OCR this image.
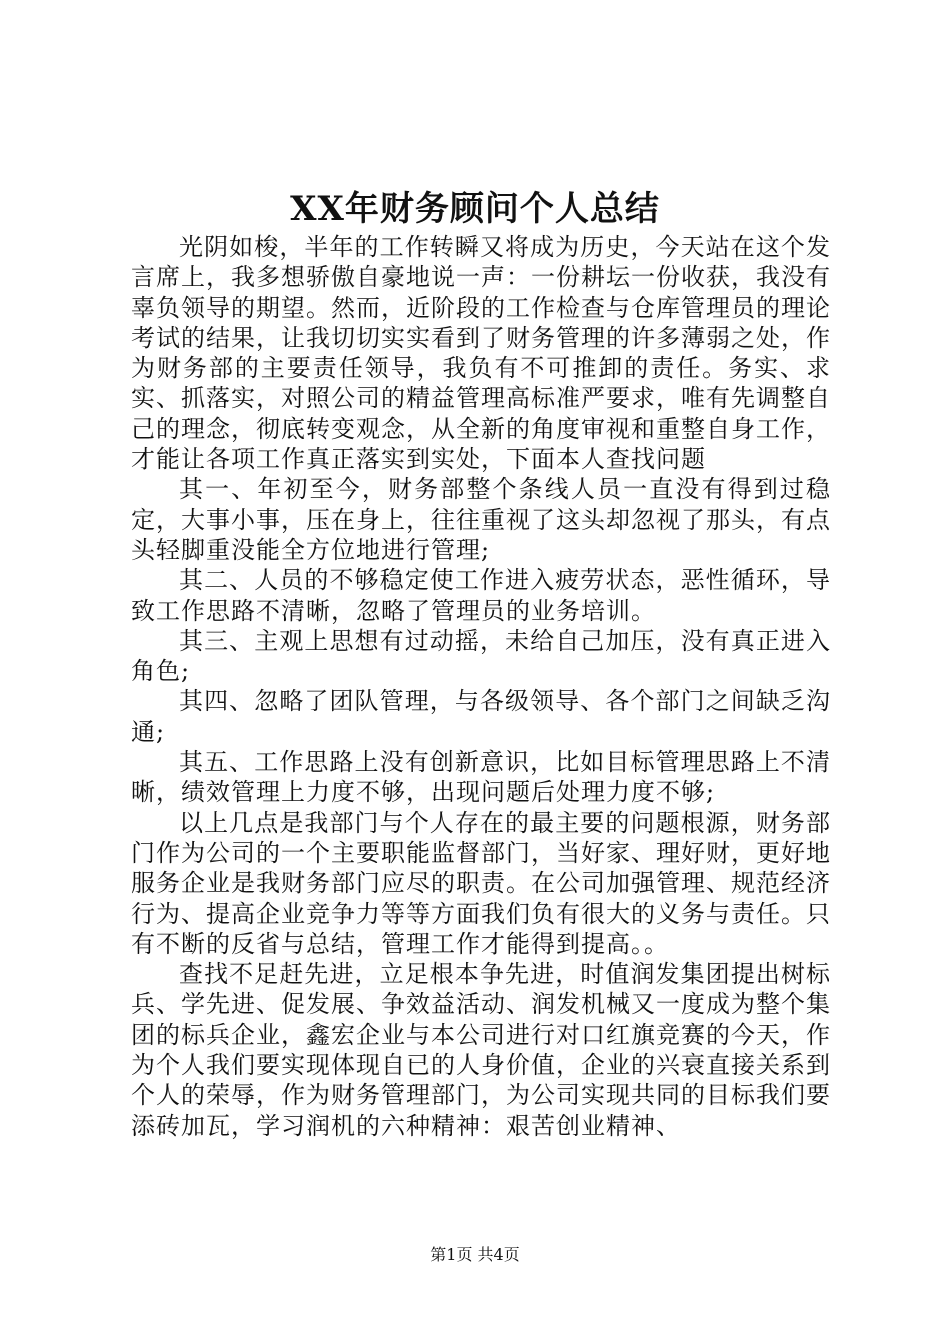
XX年财务顾问个人总结

光阴如梭，半年的工作转瞬又将成为历史，今天站在这个发言席上，我多想骄傲自豪地说一声：一份耕坛一份收获，我没有辜负领导的期望。然而，近阶段的工作检查与仓库管理员的理论考试的结果，让我切切实实看到了财务管理的许多薄弱之处，作为财务部的主要责任领导，我负有不可推卸的责任。务实、求实、抓落实，对照公司的精益管理高标准严要求，唯有先调整自己的理念，彻底转变观念，从全新的角度审视和重整自身工作，才能让各项工作真正落实到实处，下面本人查找问题

其一、年初至今，财务部整个条线人员一直没有得到过稳定，大事小事，压在身上，往往重视了这头却忽视了那头，有点头轻脚重没能全方位地进行管理;

其二、人员的不够稳定使工作进入疲劳状态，恶性循环，导致工作思路不清晰，忽略了管理员的业务培训。

其三、主观上思想有过动摇，未给自己加压，没有真正进入角色;

其四、忽略了团队管理，与各级领导、各个部门之间缺乏沟通;

其五、工作思路上没有创新意识，比如目标管理思路上不清晰，绩效管理上力度不够，出现问题后处理力度不够;

以上几点是我部门与个人存在的最主要的问题根源，财务部门作为公司的一个主要职能监督部门，当好家、理好财，更好地服务企业是我财务部门应尽的职责。在公司加强管理、规范经济行为、提高企业竞争力等等方面我们负有很大的义务与责任。只有不断的反省与总结，管理工作才能得到提高。。

查找不足赶先进，立足根本争先进，时值润发集团提出树标兵、学先进、促发展、争效益活动、润发机械又一度成为整个集团的标兵企业，鑫宏企业与本公司进行对口红旗竞赛的今天，作为个人我们要实现体现自已的人身价值，企业的兴衰直接关系到个人的荣辱，作为财务管理部门，为公司实现共同的目标我们要添砖加瓦，学习润机的六种精神：艰苦创业精神、

第1页 共4页
